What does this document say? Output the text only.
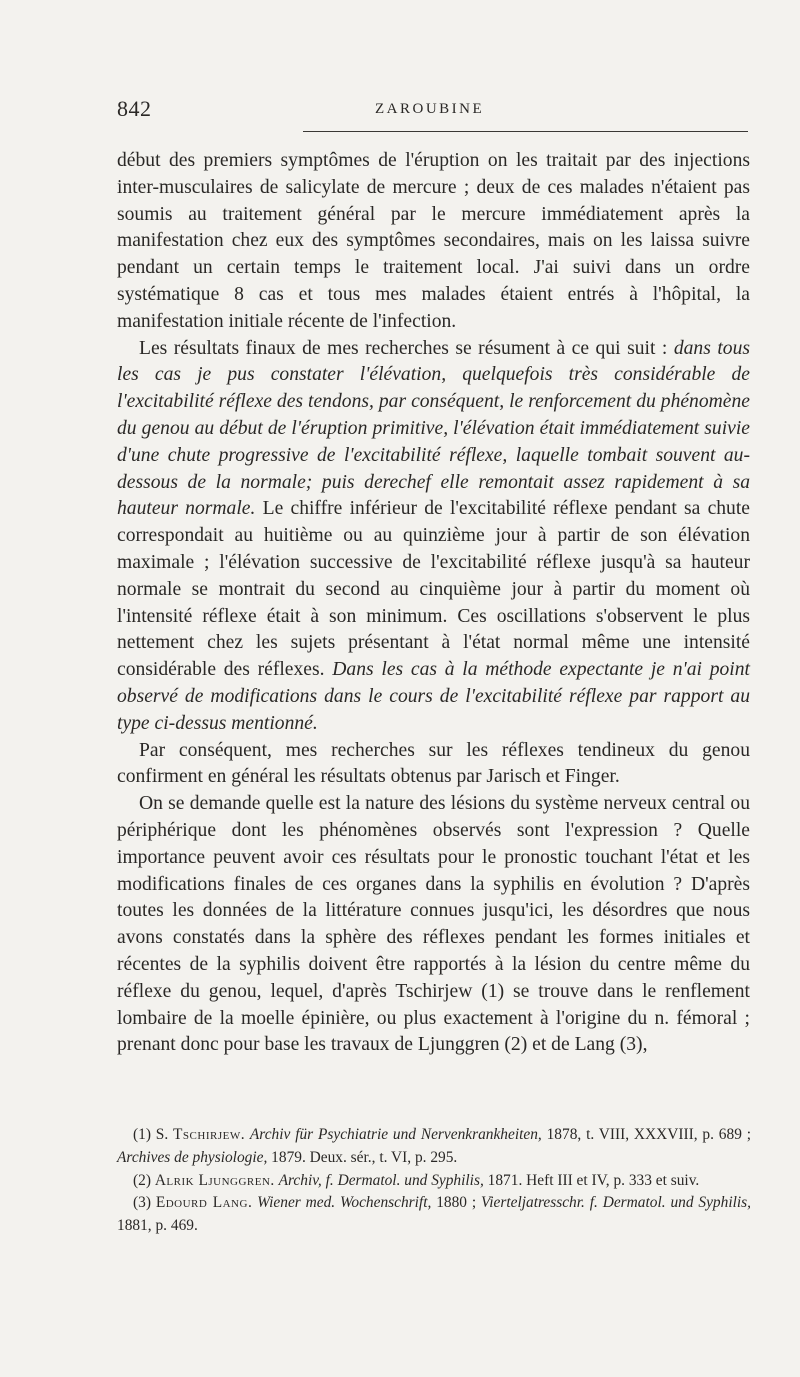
842	ZAROUBINE

début des premiers symptômes de l'éruption on les traitait par des injections inter-musculaires de salicylate de mercure ; deux de ces malades n'étaient pas soumis au traitement général par le mercure immédiatement après la manifestation chez eux des symptômes secondaires, mais on les laissa suivre pendant un certain temps le traitement local. J'ai suivi dans un ordre systématique 8 cas et tous mes malades étaient entrés à l'hôpital, la manifestation initiale récente de l'infection.

Les résultats finaux de mes recherches se résument à ce qui suit : dans tous les cas je pus constater l'élévation, quelquefois très considérable de l'excitabilité réflexe des tendons, par conséquent, le renforcement du phénomène du genou au début de l'éruption primitive, l'élévation était immédiatement suivie d'une chute progressive de l'excitabilité réflexe, laquelle tombait souvent au-dessous de la normale; puis derechef elle remontait assez rapidement à sa hauteur normale. Le chiffre inférieur de l'excitabilité réflexe pendant sa chute correspondait au huitième ou au quinzième jour à partir de son élévation maximale ; l'élévation successive de l'excitabilité réflexe jusqu'à sa hauteur normale se montrait du second au cinquième jour à partir du moment où l'intensité réflexe était à son minimum. Ces oscillations s'observent le plus nettement chez les sujets présentant à l'état normal même une intensité considérable des réflexes. Dans les cas à la méthode expectante je n'ai point observé de modifications dans le cours de l'excitabilité réflexe par rapport au type ci-dessus mentionné.

Par conséquent, mes recherches sur les réflexes tendineux du genou confirment en général les résultats obtenus par Jarisch et Finger.

On se demande quelle est la nature des lésions du système nerveux central ou périphérique dont les phénomènes observés sont l'expression ? Quelle importance peuvent avoir ces résultats pour le pronostic touchant l'état et les modifications finales de ces organes dans la syphilis en évolution ? D'après toutes les données de la littérature connues jusqu'ici, les désordres que nous avons constatés dans la sphère des réflexes pendant les formes initiales et récentes de la syphilis doivent être rapportés à la lésion du centre même du réflexe du genou, lequel, d'après Tschirjew (1) se trouve dans le renflement lombaire de la moelle épinière, ou plus exactement à l'origine du n. fémoral ; prenant donc pour base les travaux de Ljunggren (2) et de Lang (3),

(1) S. Tschirjew. Archiv für Psychiatrie und Nervenkrankheiten, 1878, t. VIII, XXXVIII, p. 689 ; Archives de physiologie, 1879. Deux. sér., t. VI, p. 295.

(2) Alrik Ljunggren. Archiv, f. Dermatol. und Syphilis, 1871. Heft III et IV, p. 333 et suiv.

(3) Edourd Lang. Wiener med. Wochenschrift, 1880 ; Vierteljatresschr. f. Dermatol. und Syphilis, 1881, p. 469.
